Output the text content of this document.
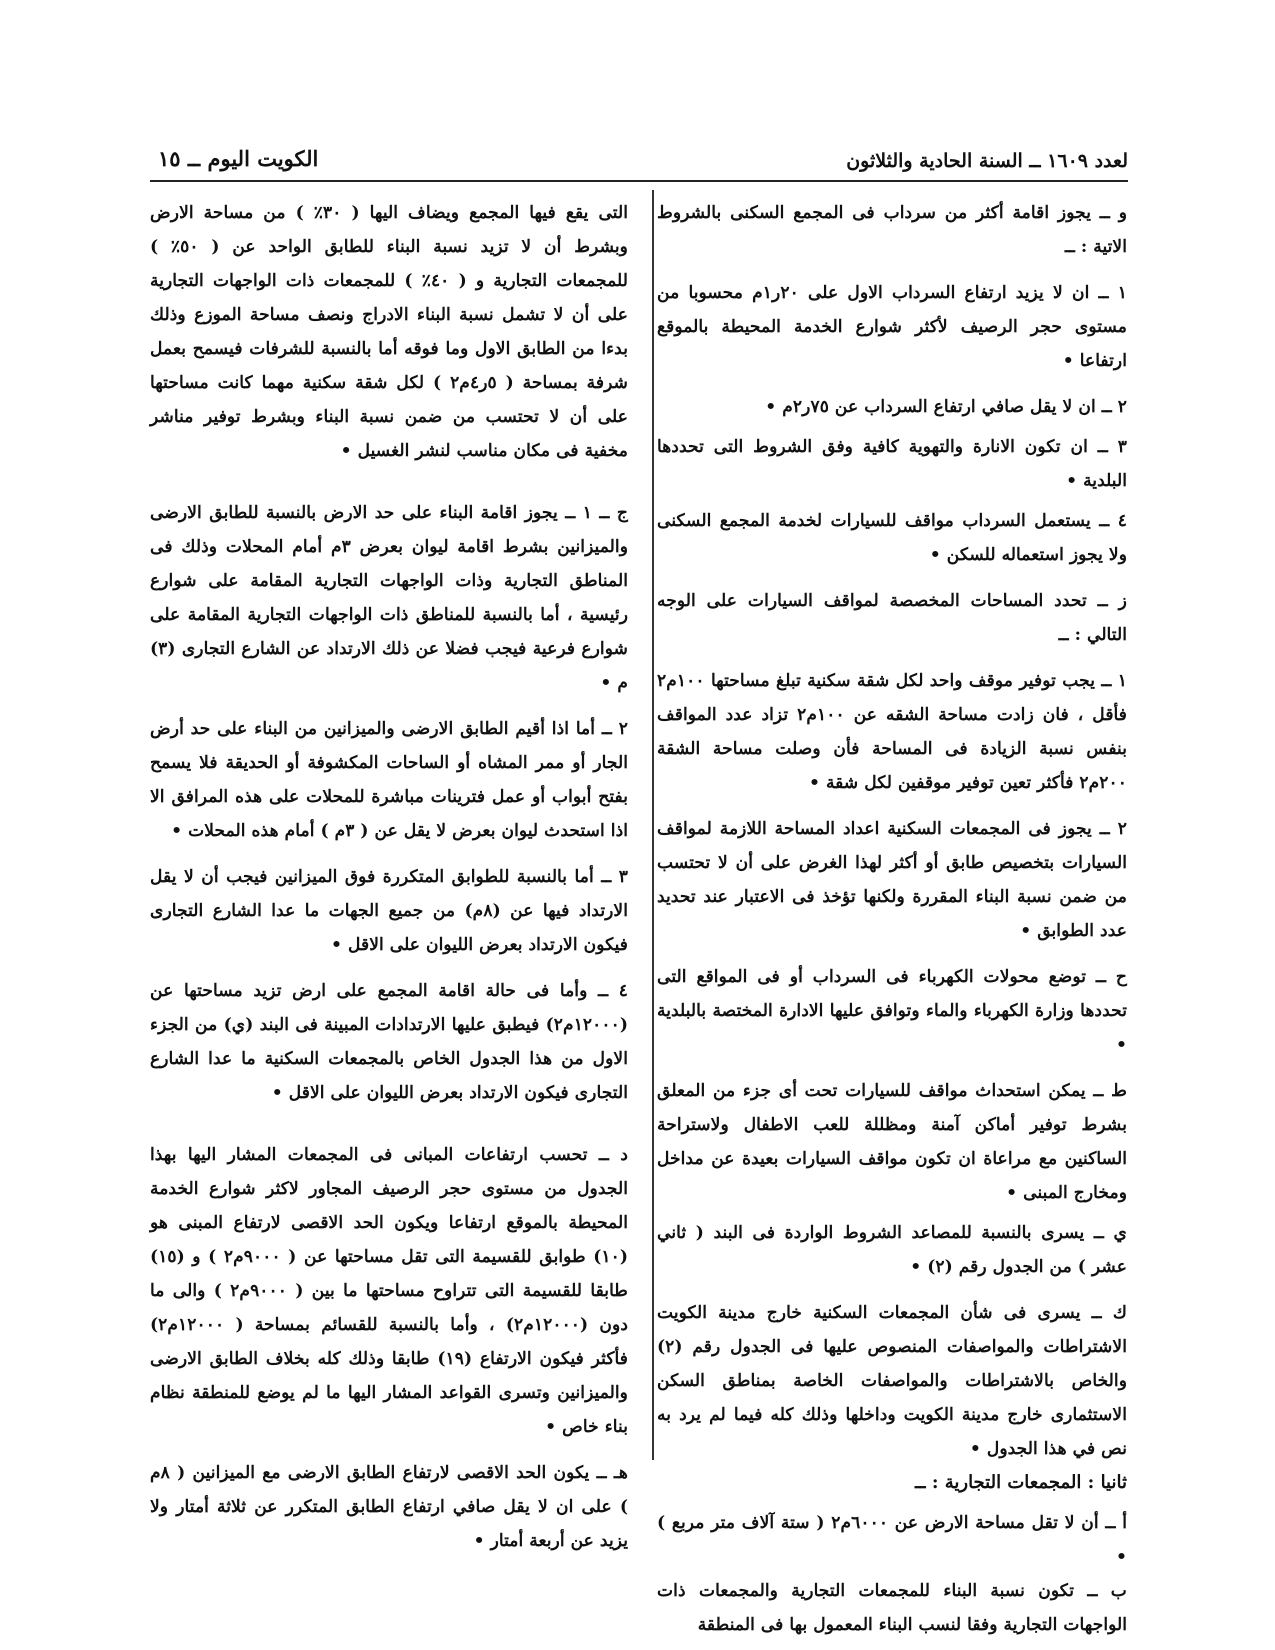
لعدد ١٦٠٩ ــ السنة الحادية والثلاثون
الكويت اليوم ــ ١٥

و ــ يجوز اقامة أكثر من سرداب فى المجمع السكنى بالشروط الاتية : ــ

١ ــ ان لا يزيد ارتفاع السرداب الاول على ٢٠ر١م محسوبا من مستوى حجر الرصيف لأكثر شوارع الخدمة المحيطة بالموقع ارتفاعا •

٢ ــ ان لا يقل صافي ارتفاع السرداب عن ٧٥ر٢م •

٣ ــ ان تكون الانارة والتهوية كافية وفق الشروط التى تحددها البلدية •

٤ ــ يستعمل السرداب مواقف للسيارات لخدمة المجمع السكنى ولا يجوز استعماله للسكن •

ز ــ تحدد المساحات المخصصة لمواقف السيارات على الوجه التالي : ــ

١ ــ يجب توفير موقف واحد لكل شقة سكنية تبلغ مساحتها ١٠٠م٢ فأقل ، فان زادت مساحة الشقه عن ١٠٠م٢ تزاد عدد المواقف بنفس نسبة الزيادة فى المساحة فأن وصلت مساحة الشقة ٢٠٠م٢ فأكثر تعين توفير موقفين لكل شقة •

٢ ــ يجوز فى المجمعات السكنية اعداد المساحة اللازمة لمواقف السيارات بتخصيص طابق أو أكثر لهذا الغرض على أن لا تحتسب من ضمن نسبة البناء المقررة ولكنها تؤخذ فى الاعتبار عند تحديد عدد الطوابق •

ح ــ توضع محولات الكهرباء فى السرداب أو فى المواقع التى تحددها وزارة الكهرباء والماء وتوافق عليها الادارة المختصة بالبلدية •

ط ــ يمكن استحداث مواقف للسيارات تحت أى جزء من المعلق بشرط توفير أماكن آمنة ومظللة للعب الاطفال ولاستراحة الساكنين مع مراعاة ان تكون مواقف السيارات بعيدة عن مداخل ومخارج المبنى •

ي ــ يسرى بالنسبة للمصاعد الشروط الواردة فى البند ( ثاني عشر ) من الجدول رقم (٢) •

ك ــ يسرى فى شأن المجمعات السكنية خارج مدينة الكويت الاشتراطات والمواصفات المنصوص عليها فى الجدول رقم (٢) والخاص بالاشتراطات والمواصفات الخاصة بمناطق السكن الاستثمارى خارج مدينة الكويت وداخلها وذلك كله فيما لم يرد به نص في هذا الجدول •

ثانيا : المجمعات التجارية : ــ

أ ــ أن لا تقل مساحة الارض عن ٦٠٠٠م٢ ( ستة آلاف متر مربع ) •

ب ــ تكون نسبة البناء للمجمعات التجارية والمجمعات ذات الواجهات التجارية وفقا لنسب البناء المعمول بها فى المنطقة

التى يقع فيها المجمع ويضاف اليها ( ٣٠٪ ) من مساحة الارض وبشرط أن لا تزيد نسبة البناء للطابق الواحد عن ( ٥٠٪ ) للمجمعات التجارية و ( ٤٠٪ ) للمجمعات ذات الواجهات التجارية على أن لا تشمل نسبة البناء الادراج ونصف مساحة الموزع وذلك بدءا من الطابق الاول وما فوقه أما بالنسبة للشرفات فيسمح بعمل شرفة بمساحة ( ٥ر٤م٢ ) لكل شقة سكنية مهما كانت مساحتها على أن لا تحتسب من ضمن نسبة البناء وبشرط توفير مناشر مخفية فى مكان مناسب لنشر الغسيل •

ج ــ ١ ــ يجوز اقامة البناء على حد الارض بالنسبة للطابق الارضى والميزانين بشرط اقامة ليوان بعرض ٣م أمام المحلات وذلك فى المناطق التجارية وذات الواجهات التجارية المقامة على شوارع رئيسية ، أما بالنسبة للمناطق ذات الواجهات التجارية المقامة على شوارع فرعية فيجب فضلا عن ذلك الارتداد عن الشارع التجارى (٣) م •

٢ ــ أما اذا أقيم الطابق الارضى والميزانين من البناء على حد أرض الجار أو ممر المشاه أو الساحات المكشوفة أو الحديقة فلا يسمح بفتح أبواب أو عمل فترينات مباشرة للمحلات على هذه المرافق الا اذا استحدث ليوان بعرض لا يقل عن ( ٣م ) أمام هذه المحلات •

٣ ــ أما بالنسبة للطوابق المتكررة فوق الميزانين فيجب أن لا يقل الارتداد فيها عن (٨م) من جميع الجهات ما عدا الشارع التجارى فيكون الارتداد بعرض الليوان على الاقل •

٤ ــ وأما فى حالة اقامة المجمع على ارض تزيد مساحتها عن (١٢٠٠٠م٢) فيطبق عليها الارتدادات المبينة فى البند (ي) من الجزء الاول من هذا الجدول الخاص بالمجمعات السكنية ما عدا الشارع التجارى فيكون الارتداد بعرض الليوان على الاقل •

د ــ تحسب ارتفاعات المبانى فى المجمعات المشار اليها بهذا الجدول من مستوى حجر الرصيف المجاور لاكثر شوارع الخدمة المحيطة بالموقع ارتفاعا ويكون الحد الاقصى لارتفاع المبنى هو (١٠) طوابق للقسيمة التى تقل مساحتها عن ( ٩٠٠٠م٢ ) و (١٥) طابقا للقسيمة التى تتراوح مساحتها ما بين ( ٩٠٠٠م٢ ) والى ما دون (١٢٠٠٠م٢) ، وأما بالنسبة للقسائم بمساحة ( ١٢٠٠٠م٢) فأكثر فيكون الارتفاع (١٩) طابقا وذلك كله بخلاف الطابق الارضى والميزانين وتسرى القواعد المشار اليها ما لم يوضع للمنطقة نظام بناء خاص •

هـ ــ يكون الحد الاقصى لارتفاع الطابق الارضى مع الميزانين ( ٨م ) على ان لا يقل صافي ارتفاع الطابق المتكرر عن ثلاثة أمتار ولا يزيد عن أربعة أمتار •
